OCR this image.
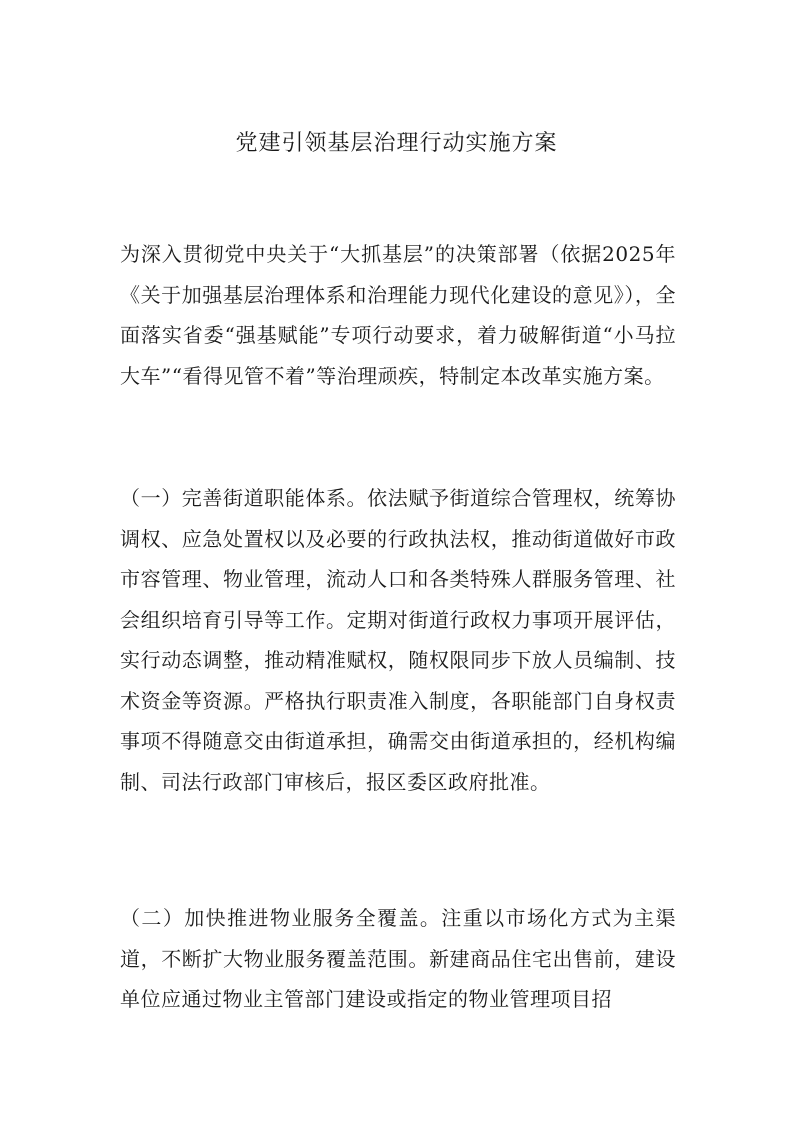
党建引领基层治理行动实施方案

为深入贯彻党中央关于“大抓基层”的决策部署（依据2025年《关于加强基层治理体系和治理能力现代化建设的意见》），全面落实省委“强基赋能”专项行动要求，着力破解街道“小马拉大车”“看得见管不着”等治理顽疾，特制定本改革实施方案。

（一）完善街道职能体系。依法赋予街道综合管理权，统筹协调权、应急处置权以及必要的行政执法权，推动街道做好市政市容管理、物业管理，流动人口和各类特殊人群服务管理、社会组织培育引导等工作。定期对街道行政权力事项开展评估，实行动态调整，推动精准赋权，随权限同步下放人员编制、技术资金等资源。严格执行职责准入制度，各职能部门自身权责事项不得随意交由街道承担，确需交由街道承担的，经机构编制、司法行政部门审核后，报区委区政府批准。

（二）加快推进物业服务全覆盖。注重以市场化方式为主渠道，不断扩大物业服务覆盖范围。新建商品住宅出售前，建设单位应通过物业主管部门建设或指定的物业管理项目招
